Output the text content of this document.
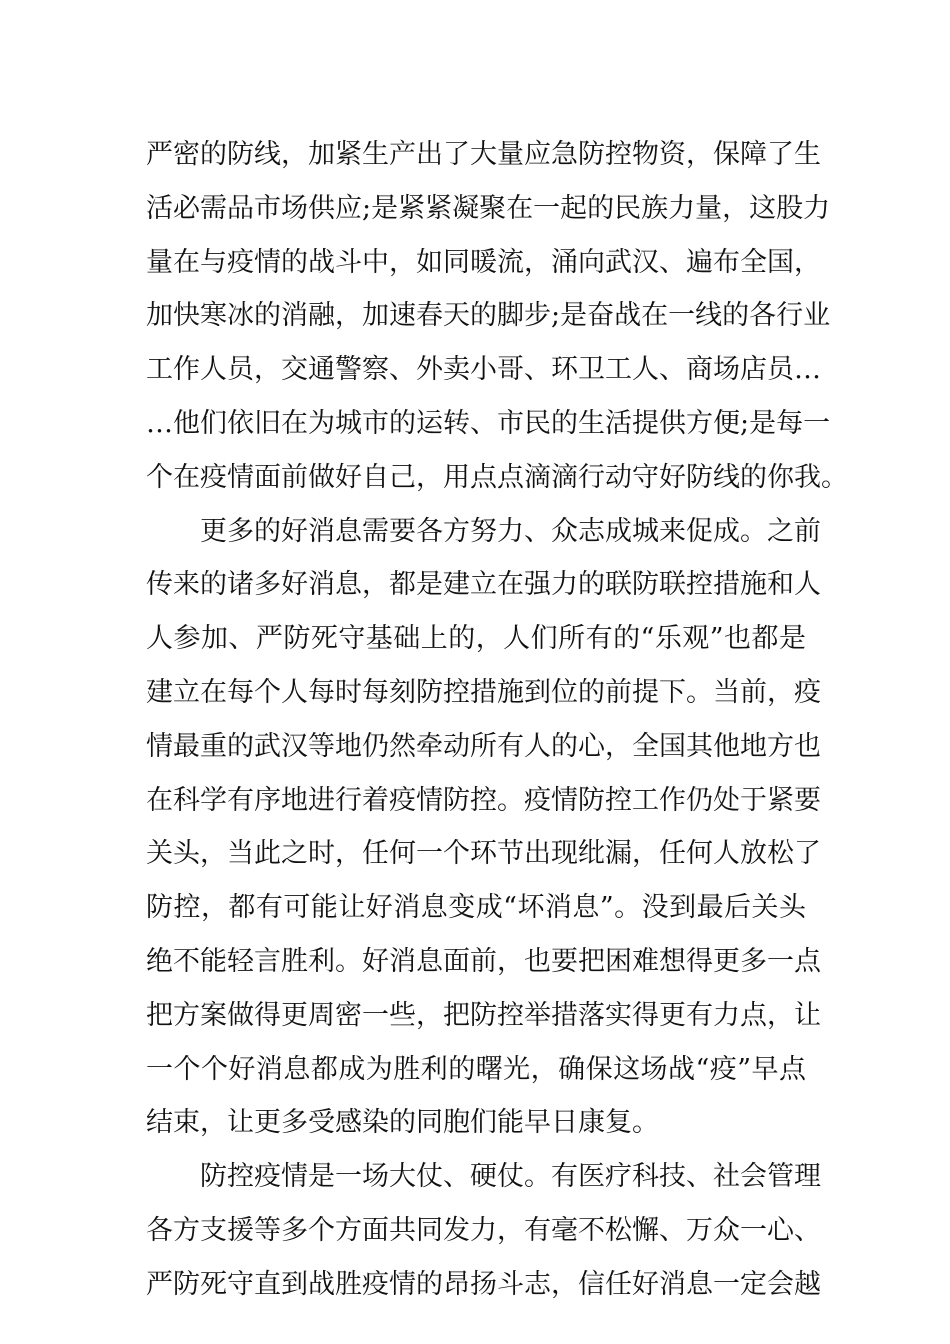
严密的防线，加紧生产出了大量应急防控物资，保障了生
活必需品市场供应;是紧紧凝聚在一起的民族力量，这股力
量在与疫情的战斗中，如同暖流，涌向武汉、遍布全国，
加快寒冰的消融，加速春天的脚步;是奋战在一线的各行业
工作人员，交通警察、外卖小哥、环卫工人、商场店员…
…他们依旧在为城市的运转、市民的生活提供方便;是每一
个在疫情面前做好自己，用点点滴滴行动守好防线的你我。
更多的好消息需要各方努力、众志成城来促成。之前
传来的诸多好消息，都是建立在强力的联防联控措施和人
人参加、严防死守基础上的，人们所有的“乐观”也都是
建立在每个人每时每刻防控措施到位的前提下。当前，疫
情最重的武汉等地仍然牵动所有人的心，全国其他地方也
在科学有序地进行着疫情防控。疫情防控工作仍处于紧要
关头，当此之时，任何一个环节出现纰漏，任何人放松了
防控，都有可能让好消息变成“坏消息”。没到最后关头
绝不能轻言胜利。好消息面前，也要把困难想得更多一点
把方案做得更周密一些，把防控举措落实得更有力点，让
一个个好消息都成为胜利的曙光，确保这场战“疫”早点
结束，让更多受感染的同胞们能早日康复。
防控疫情是一场大仗、硬仗。有医疗科技、社会管理
各方支援等多个方面共同发力，有毫不松懈、万众一心、
严防死守直到战胜疫情的昂扬斗志，信任好消息一定会越
